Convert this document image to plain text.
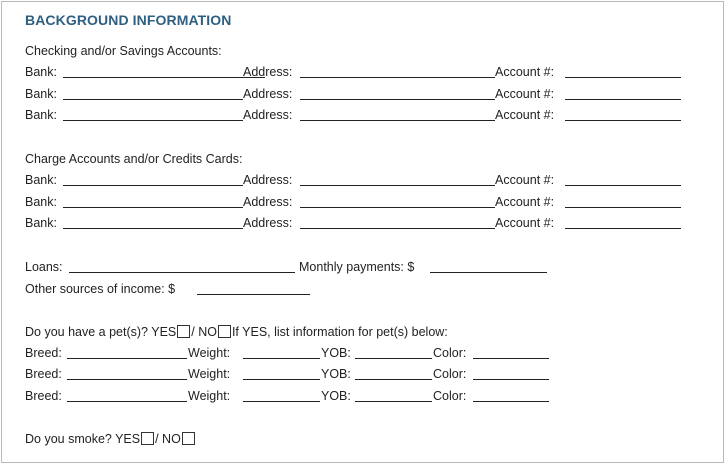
BACKGROUND INFORMATION
Checking and/or Savings Accounts:
Bank:	Address:	Account #:
Bank:	Address:	Account #:
Bank:	Address:	Account #:
Charge Accounts and/or Credits Cards:
Bank:	Address:	Account #:
Bank:	Address:	Account #:
Bank:	Address:	Account #:
Loans:	Monthly payments: $
Other sources of income: $
Do you have a pet(s)? YES / NO If YES, list information for pet(s) below:
Breed:	Weight:	YOB:	Color:
Breed:	Weight:	YOB:	Color:
Breed:	Weight:	YOB:	Color:
Do you smoke? YES / NO
